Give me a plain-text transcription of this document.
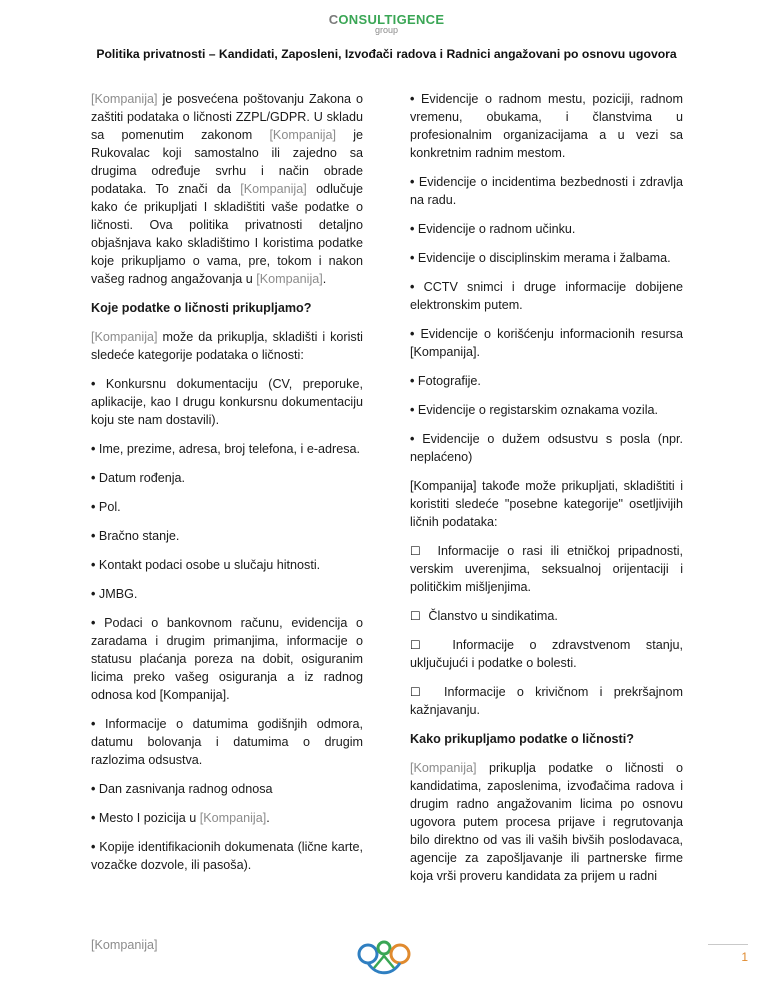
CONSULTIGENCE
group
Politika privatnosti – Kandidati, Zaposleni, Izvođači radova i Radnici angažovani po osnovu ugovora

[Kompanija] je posvećena poštovanju Zakona o zaštiti podataka o ličnosti ZZPL/GDPR. U skladu sa pomenutim zakonom [Kompanija] je Rukovalac koji samostalno ili zajedno sa drugima određuje svrhu i način obrade podataka. To znači da [Kompanija] odlučuje kako će prikupljati I skladištiti vaše podatke o ličnosti. Ova politika privatnosti detaljno objašnjava kako skladištimo I koristima podatke koje prikupljamo o vama, pre, tokom i nakon vašeg radnog angažovanja u [Kompanija].

Koje podatke o ličnosti prikupljamo?

[Kompanija] može da prikuplja, skladišti i koristi sledeće kategorije podataka o ličnosti:

• Konkursnu dokumentaciju (CV, preporuke, aplikacije, kao I drugu konkursnu dokumentaciju koju ste nam dostavili).

• Ime, prezime, adresa, broj telefona, i e-adresa.

• Datum rođenja.

• Pol.

• Bračno stanje.

• Kontakt podaci osobe u slučaju hitnosti.

• JMBG.

• Podaci o bankovnom računu, evidencija o zaradama i drugim primanjima, informacije o statusu plaćanja poreza na dobit, osiguranim licima preko vašeg osiguranja a iz radnog odnosa kod [Kompanija].

• Informacije o datumima godišnjih odmora, datumu bolovanja i datumima o drugim razlozima odsustva.

• Dan zasnivanja radnog odnosa

• Mesto I pozicija u [Kompanija].

• Kopije identifikacionih dokumenata (lične karte, vozačke dozvole, ili pasoša).

• Evidencije o radnom mestu, poziciji, radnom vremenu, obukama, i članstvima u profesionalnim organizacijama a u vezi sa konkretnim radnim mestom.

• Evidencije o incidentima bezbednosti i zdravlja na radu.

• Evidencije o radnom učinku.

• Evidencije o disciplinskim merama i žalbama.

• CCTV snimci i druge informacije dobijene elektronskim putem.

• Evidencije o korišćenju informacionih resursa [Kompanija].

• Fotografije.

• Evidencije o registarskim oznakama vozila.

• Evidencije o dužem odsustvu s posla (npr. neplaćeno)

[Kompanija] takođe može prikupljati, skladištiti i koristiti sledeće "posebne kategorije" osetljivijih ličnih podataka:

☐  Informacije o rasi ili etničkoj pripadnosti, verskim uverenjima, seksualnoj orijentaciji i političkim mišljenjima.

☐  Članstvo u sindikatima.

☐  Informacije o zdravstvenom stanju, uključujući i podatke o bolesti.

☐  Informacije o krivičnom i prekršajnom kažnjavanju.

Kako prikupljamo podatke o ličnosti?

[Kompanija] prikuplja podatke o ličnosti o kandidatima, zaposlenima, izvođačima radova i drugim radno angažovanim licima po osnovu ugovora putem procesa prijave i regrutovanja bilo direktno od vas ili vaših bivših poslodavaca, agencije za zapošljavanje ili partnerske firme koja vrši proveru kandidata za prijem u radni

[Kompanija]
1
